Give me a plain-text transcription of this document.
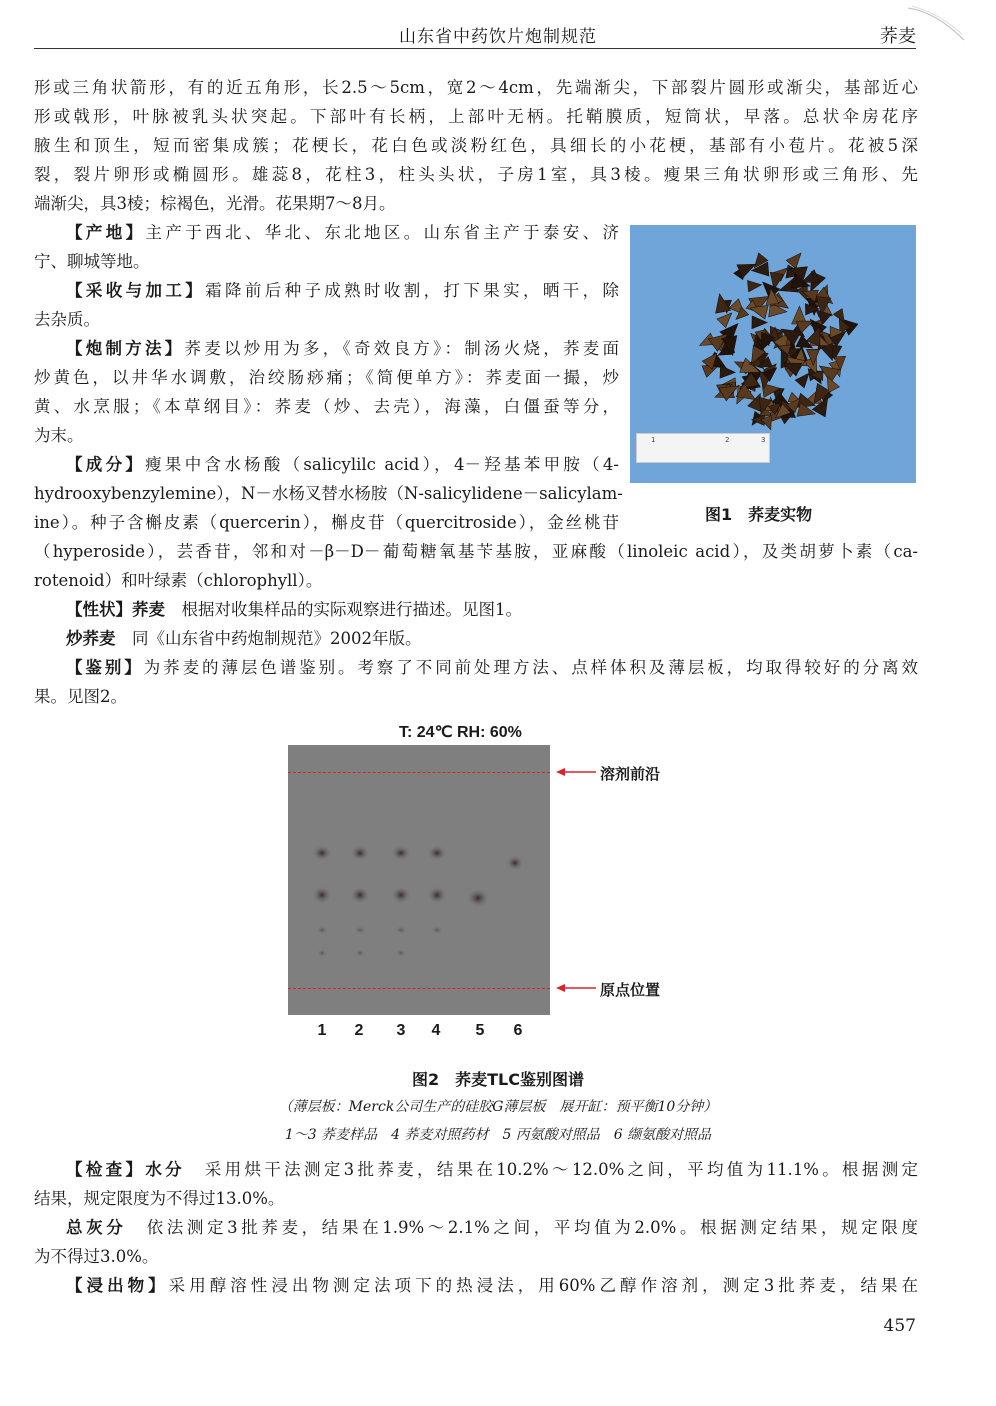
山东省中药饮片炮制规范	荞麦
形或三角状箭形，有的近五角形，长2.5～5cm，宽2～4cm，先端渐尖，下部裂片圆形或渐尖，基部近心
形或戟形，叶脉被乳头状突起。下部叶有长柄，上部叶无柄。托鞘膜质，短筒状，早落。总状伞房花序
腋生和顶生，短而密集成簇；花梗长，花白色或淡粉红色，具细长的小花梗，基部有小苞片。花被5深
裂，裂片卵形或椭圆形。雄蕊8，花柱3，柱头头状，子房1室，具3棱。瘦果三角状卵形或三角形、先
端渐尖，具3棱；棕褐色，光滑。花果期7～8月。
【产地】主产于西北、华北、东北地区。山东省主产于泰安、济
宁、聊城等地。
【采收与加工】霜降前后种子成熟时收割，打下果实，晒干，除
去杂质。
【炮制方法】荞麦以炒用为多，《奇效良方》：制汤火烧，荞麦面
炒黄色，以井华水调敷，治绞肠痧痛；《简便单方》：荞麦面一撮，炒
黄、水烹服；《本草纲目》：荞麦（炒、去壳），海藻，白僵蚕等分，
为末。
【成分】瘦果中含水杨酸（salicylilc acid），4－羟基苯甲胺（4-
hydrooxybenzylemine），N－水杨叉替水杨胺（N-salicylidene－salicylam-
ine）。种子含槲皮素（quercerin），槲皮苷（quercitroside），金丝桃苷
（hyperoside），芸香苷，邻和对－β－D－葡萄糖氧基苄基胺，亚麻酸（linoleic acid），及类胡萝卜素（ca-
rotenoid）和叶绿素（chlorophyll）。
1	2	3
图1　 荞麦实物
【性状】荞麦　 根据对收集样品的实际观察进行描述。见图1。
炒荞麦　 同《山东省中药炮制规范》2002年版。
【鉴别】为荞麦的薄层色谱鉴别。考察了不同前处理方法、点样体积及薄层板，均取得较好的分离效
果。见图2。
T: 24℃ RH: 60%
溶剂前沿
原点位置
1	2	3	4	5	6
图2　荞麦TLC鉴别图谱
（薄层板：Merck公司生产的硅胶G薄层板　展开缸：预平衡10分钟）
1～3 荞麦样品　4 荞麦对照药材　5 丙氨酸对照品　6 缬氨酸对照品
【检查】水分　 采用烘干法测定3批荞麦，结果在10.2%～12.0%之间，平均值为11.1%。根据测定
结果，规定限度为不得过13.0%。
总灰分　 依法测定3批荞麦，结果在1.9%～2.1%之间，平均值为2.0%。根据测定结果，规定限度
为不得过3.0%。
【浸出物】采用醇溶性浸出物测定法项下的热浸法，用60%乙醇作溶剂，测定3批荞麦，结果在
457
